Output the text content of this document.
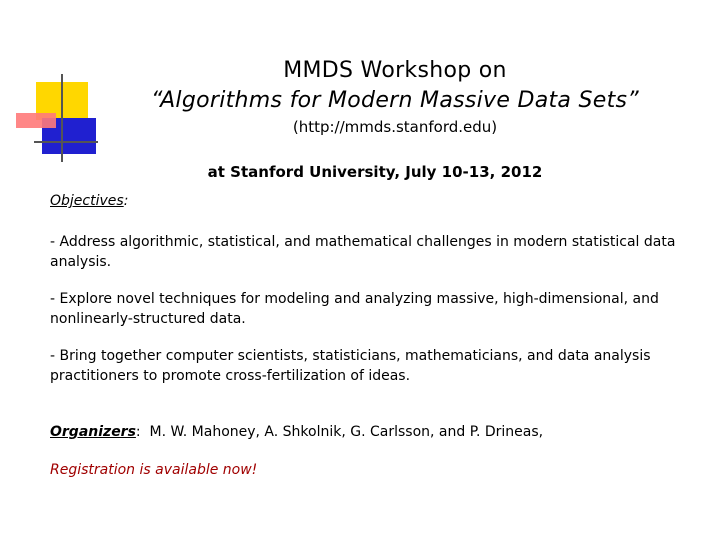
MMDS Workshop on
“Algorithms for Modern Massive Data Sets”
(http://mmds.stanford.edu)
at Stanford University, July 10-13, 2012
Objectives:
- Address algorithmic, statistical, and mathematical challenges in modern statistical data analysis.
- Explore novel techniques for modeling and analyzing massive, high-dimensional, and nonlinearly-structured data.
- Bring together computer scientists, statisticians, mathematicians, and data analysis practitioners to promote cross-fertilization of ideas.
Organizers: M. W. Mahoney, A. Shkolnik, G. Carlsson, and P. Drineas,
Registration is available now!
